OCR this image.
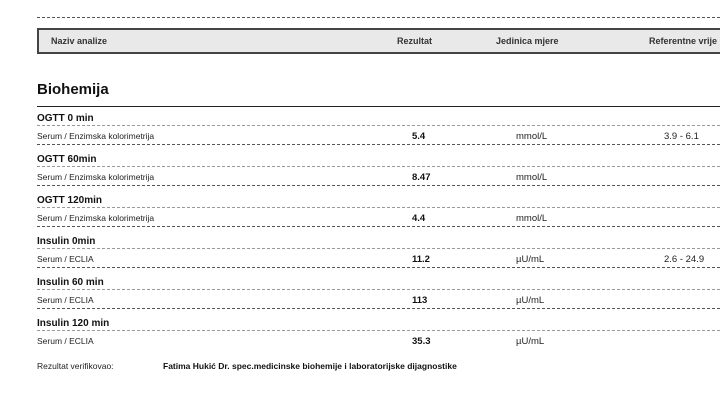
Naziv analize	Rezultat	Jedinica mjere	Referentne vrije
Biohemija
OGTT 0 min
Serum / Enzimska kolorimetrija	5.4	mmol/L	3.9 - 6.1
OGTT 60min
Serum / Enzimska kolorimetrija	8.47	mmol/L
OGTT 120min
Serum / Enzimska kolorimetrija	4.4	mmol/L
Insulin 0min
Serum / ECLIA	11.2	µU/mL	2.6 - 24.9
Insulin 60 min
Serum / ECLIA	113	µU/mL
Insulin 120 min
Serum / ECLIA	35.3	µU/mL
Rezultat verifikovao:	Fatima Hukić Dr. spec.medicinske biohemije i laboratorijske dijagnostike
